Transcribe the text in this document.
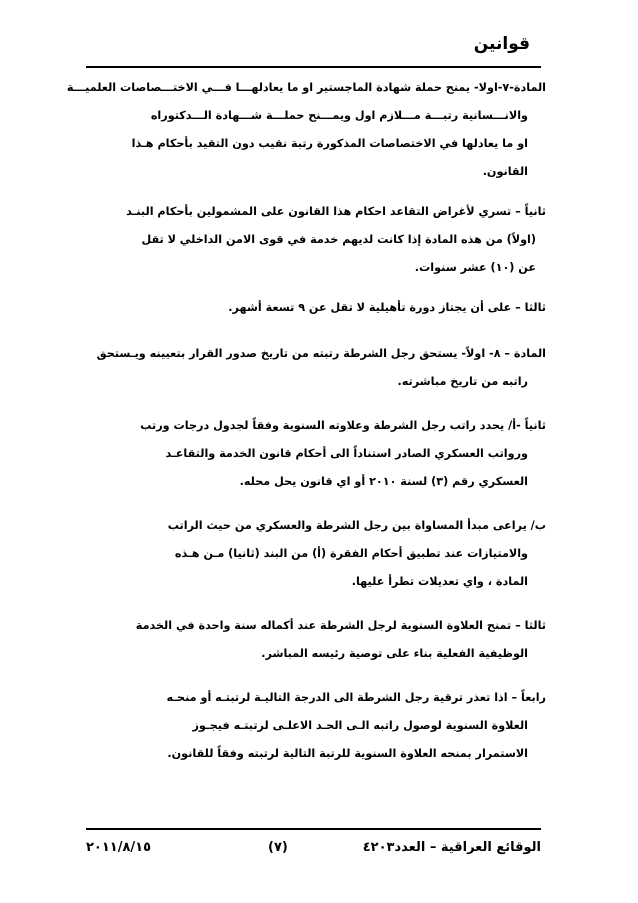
قوانين
المادة-٧-اولا- يمنح حملة شهادة الماجستير او ما يعادلهـــا فـــي الاختـــصاصات العلميـــة
والانـــسانية رتبـــة مـــلازم اول ويمـــنح حملـــة شـــهادة الـــدكتوراه
او ما يعادلها في الاختصاصات المذكورة رتبة نقيب دون التقيد بأحكام هـذا
القانون.
ثانياً – تسري لأغراض التقاعد احكام هذا القانون على المشمولين بأحكام البنـد
(اولاً) من هذه المادة إذا كانت لديهم خدمة في قوى الامن الداخلي لا تقل
عن (١٠) عشر سنوات.
ثالثا – على أن يجتاز دورة تأهيلية لا تقل عن ٩ تسعة أشهر.
المادة – ٨- اولاً- يستحق رجل الشرطة رتبته من تاريخ صدور القرار بتعيينه ويـستحق
راتبه من تاريخ مباشرته.
ثانياً -أ/ يحدد راتب رجل الشرطة وعلاوته السنوية وفقاً لجدول درجات ورتب
ورواتب العسكري الصادر استناداً الى أحكام قانون الخدمة والتقاعـد
العسكري رقم (٣) لسنة ٢٠١٠ أو اي قانون يحل محله.
ب/ يراعى مبدأ المساواة بين رجل الشرطة والعسكري من حيث الراتب
والامتيازات عند تطبيق أحكام الفقرة (أ) من البند (ثانيا) مـن هـذه
المادة ، واي تعديلات تطرأ عليها.
ثالثا – تمنح العلاوة السنوية لرجل الشرطة عند أكماله سنة واحدة في الخدمة
الوظيفية الفعلية بناء على توصية رئيسه المباشر.
رابعاً – اذا تعذر ترقية رجل الشرطة الى الدرجة التاليـة لرتبتـه أو منحـه
العلاوة السنوية لوصول راتبه الـى الحـد الاعلـى لرتبتـه فيجـوز
الاستمرار بمنحه العلاوة السنوية للرتبة التالية لرتبته وفقاً للقانون.
الوقائع العراقية – العدد٤٢٠٣
(٧)
٢٠١١/٨/١٥
